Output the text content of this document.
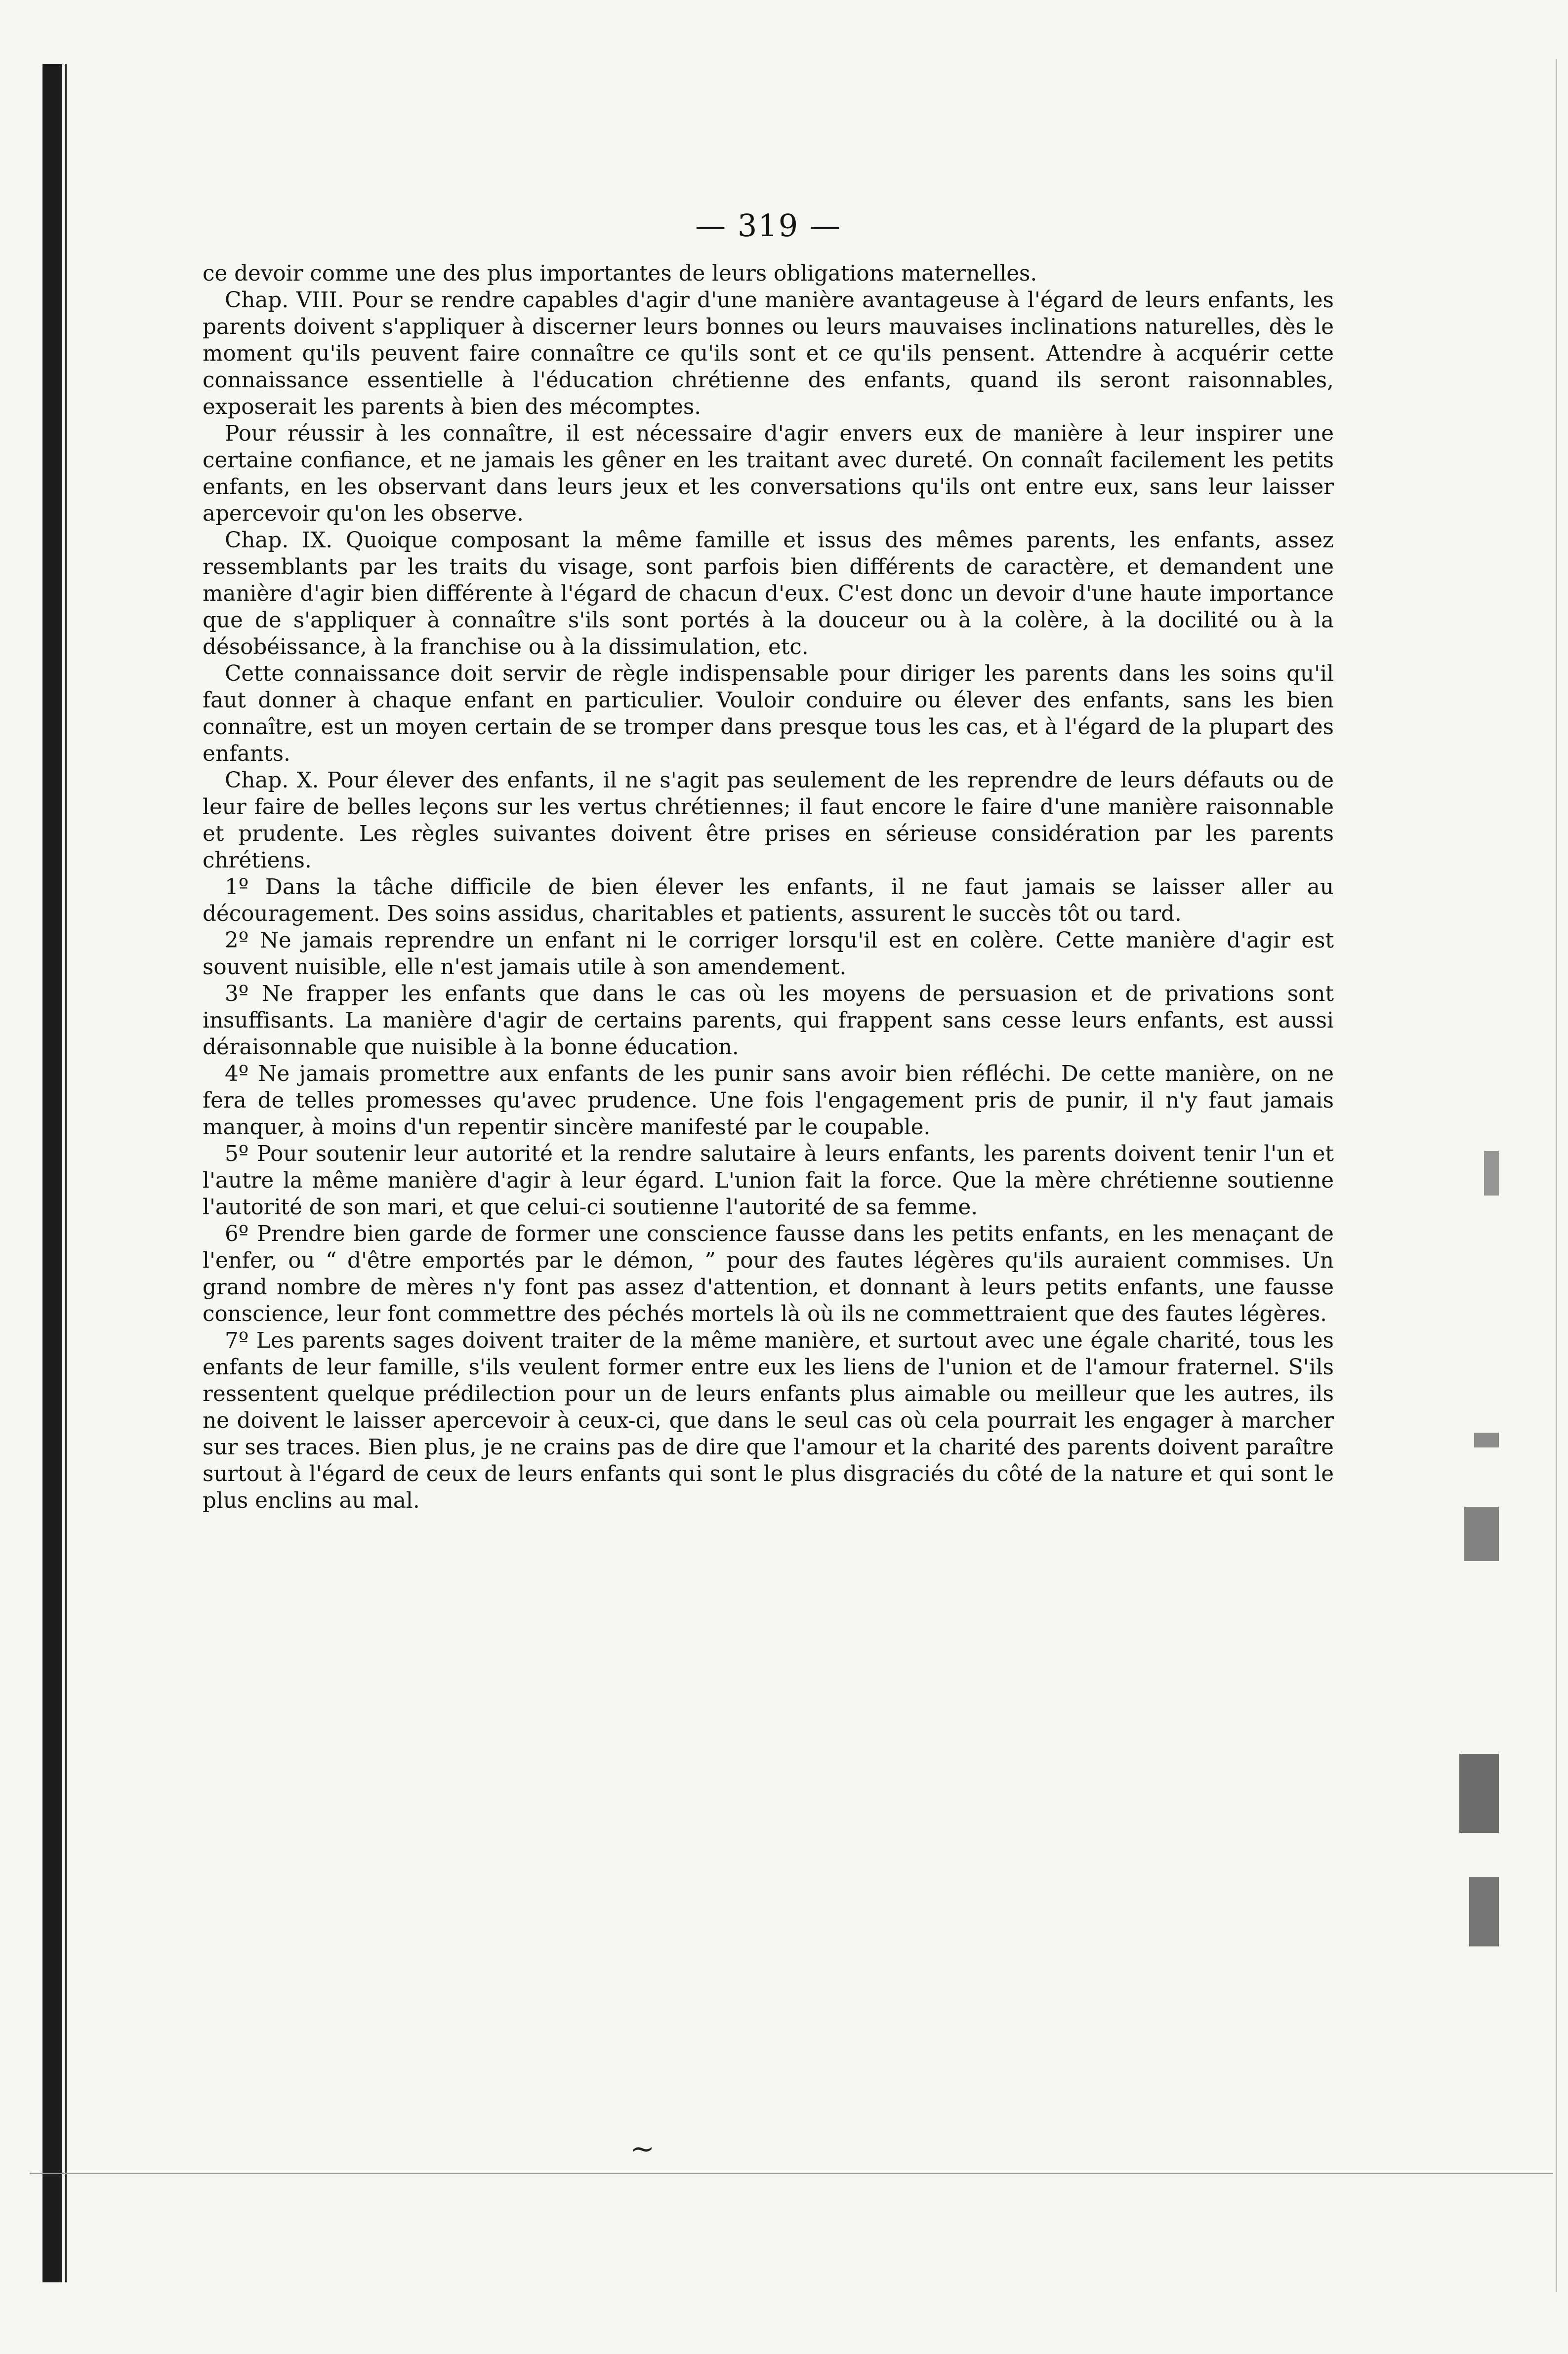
— 319 —

ce devoir comme une des plus importantes de leurs obligations maternelles.

Chap. VIII. Pour se rendre capables d'agir d'une manière avantageuse à l'égard de leurs enfants, les parents doivent s'appliquer à discerner leurs bonnes ou leurs mauvaises inclinations naturelles, dès le moment qu'ils peuvent faire connaître ce qu'ils sont et ce qu'ils pensent. Attendre à acquérir cette connaissance essentielle à l'éducation chrétienne des enfants, quand ils seront raisonnables, exposerait les parents à bien des mécomptes.

Pour réussir à les connaître, il est nécessaire d'agir envers eux de manière à leur inspirer une certaine confiance, et ne jamais les gêner en les traitant avec dureté. On connaît facilement les petits enfants, en les observant dans leurs jeux et les conversations qu'ils ont entre eux, sans leur laisser apercevoir qu'on les observe.

Chap. IX. Quoique composant la même famille et issus des mêmes parents, les enfants, assez ressemblants par les traits du visage, sont parfois bien différents de caractère, et demandent une manière d'agir bien différente à l'égard de chacun d'eux. C'est donc un devoir d'une haute importance que de s'appliquer à connaître s'ils sont portés à la douceur ou à la colère, à la docilité ou à la désobéissance, à la franchise ou à la dissimulation, etc.

Cette connaissance doit servir de règle indispensable pour diriger les parents dans les soins qu'il faut donner à chaque enfant en particulier. Vouloir conduire ou élever des enfants, sans les bien connaître, est un moyen certain de se tromper dans presque tous les cas, et à l'égard de la plupart des enfants.

Chap. X. Pour élever des enfants, il ne s'agit pas seulement de les reprendre de leurs défauts ou de leur faire de belles leçons sur les vertus chrétiennes; il faut encore le faire d'une manière raisonnable et prudente. Les règles suivantes doivent être prises en sérieuse considération par les parents chrétiens.

1º Dans la tâche difficile de bien élever les enfants, il ne faut jamais se laisser aller au découragement. Des soins assidus, charitables et patients, assurent le succès tôt ou tard.

2º Ne jamais reprendre un enfant ni le corriger lorsqu'il est en colère. Cette manière d'agir est souvent nuisible, elle n'est jamais utile à son amendement.

3º Ne frapper les enfants que dans le cas où les moyens de persuasion et de privations sont insuffisants. La manière d'agir de certains parents, qui frappent sans cesse leurs enfants, est aussi déraisonnable que nuisible à la bonne éducation.

4º Ne jamais promettre aux enfants de les punir sans avoir bien réfléchi. De cette manière, on ne fera de telles promesses qu'avec prudence. Une fois l'engagement pris de punir, il n'y faut jamais manquer, à moins d'un repentir sincère manifesté par le coupable.

5º Pour soutenir leur autorité et la rendre salutaire à leurs enfants, les parents doivent tenir l'un et l'autre la même manière d'agir à leur égard. L'union fait la force. Que la mère chrétienne soutienne l'autorité de son mari, et que celui-ci soutienne l'autorité de sa femme.

6º Prendre bien garde de former une conscience fausse dans les petits enfants, en les menaçant de l'enfer, ou “ d'être emportés par le démon, ” pour des fautes légères qu'ils auraient commises. Un grand nombre de mères n'y font pas assez d'attention, et donnant à leurs petits enfants, une fausse conscience, leur font commettre des péchés mortels là où ils ne commettraient que des fautes légères.

7º Les parents sages doivent traiter de la même manière, et surtout avec une égale charité, tous les enfants de leur famille, s'ils veulent former entre eux les liens de l'union et de l'amour fraternel. S'ils ressentent quelque prédilection pour un de leurs enfants plus aimable ou meilleur que les autres, ils ne doivent le laisser apercevoir à ceux-ci, que dans le seul cas où cela pourrait les engager à marcher sur ses traces. Bien plus, je ne crains pas de dire que l'amour et la charité des parents doivent paraître surtout à l'égard de ceux de leurs enfants qui sont le plus disgraciés du côté de la nature et qui sont le plus enclins au mal.

~
